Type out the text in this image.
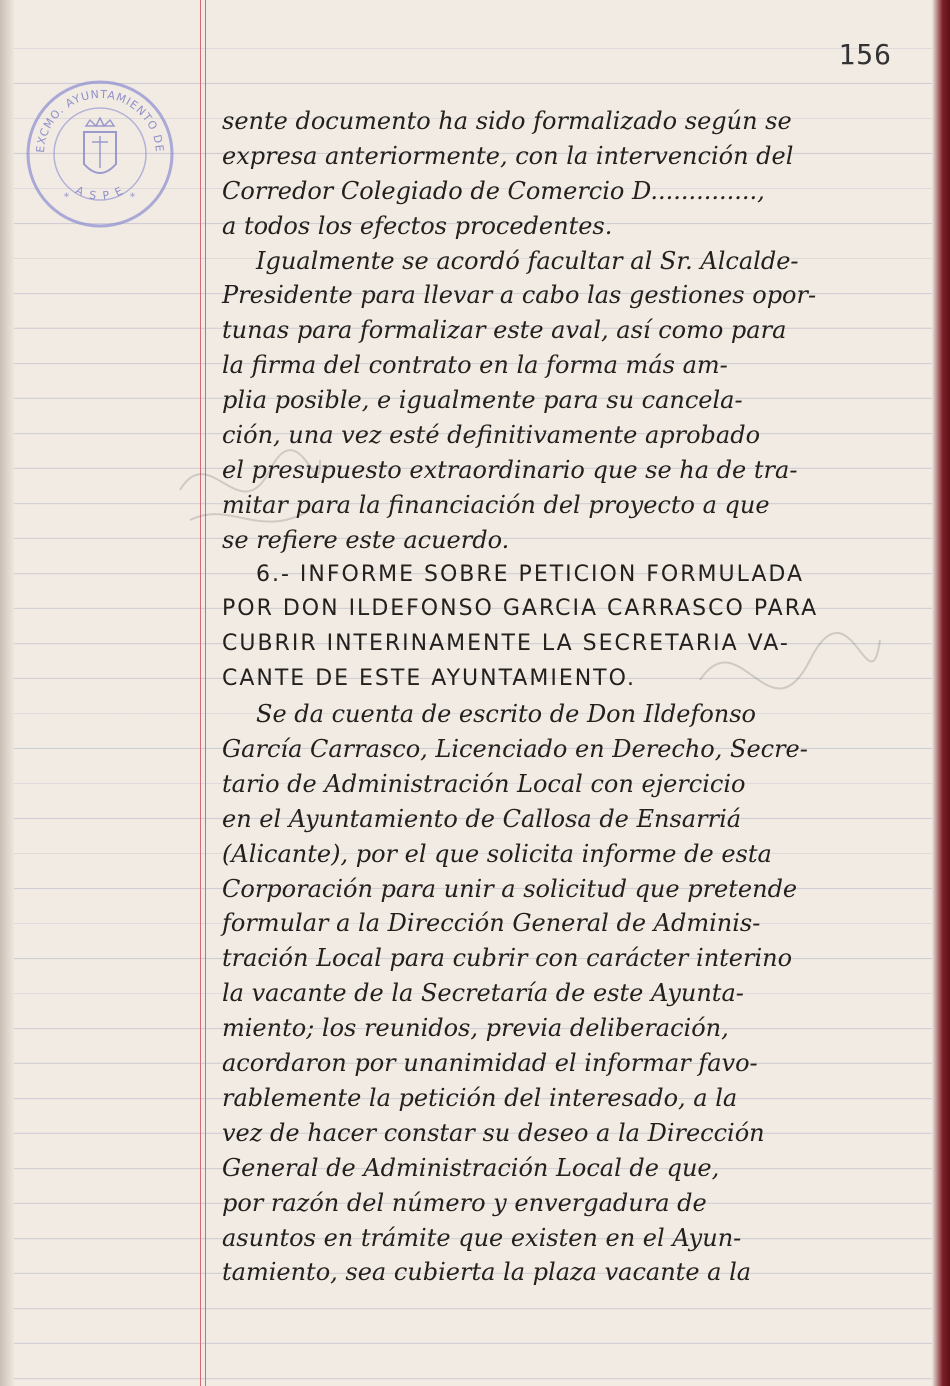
156
EXCMO. AYUNTAMIENTO DE
A S P E
*	*
sente documento ha sido formalizado según se
expresa anteriormente, con la intervención del
Corredor Colegiado de Comercio D..............,
a todos los efectos procedentes.
Igualmente se acordó facultar al Sr. Alcalde-
Presidente para llevar a cabo las gestiones opor-
tunas para formalizar este aval, así como para
la firma del contrato en la forma más am-
plia posible, e igualmente para su cancela-
ción, una vez esté definitivamente aprobado
el presupuesto extraordinario que se ha de tra-
mitar para la financiación del proyecto a que
se refiere este acuerdo.
6.- INFORME SOBRE PETICION FORMULADA
POR DON ILDEFONSO GARCIA CARRASCO PARA
CUBRIR INTERINAMENTE LA SECRETARIA VA-
CANTE DE ESTE AYUNTAMIENTO.
Se da cuenta de escrito de Don Ildefonso
García Carrasco, Licenciado en Derecho, Secre-
tario de Administración Local con ejercicio
en el Ayuntamiento de Callosa de Ensarriá
(Alicante), por el que solicita informe de esta
Corporación para unir a solicitud que pretende
formular a la Dirección General de Adminis-
tración Local para cubrir con carácter interino
la vacante de la Secretaría de este Ayunta-
miento; los reunidos, previa deliberación,
acordaron por unanimidad el informar favo-
rablemente la petición del interesado, a la
vez de hacer constar su deseo a la Dirección
General de Administración Local de que,
por razón del número y envergadura de
asuntos en trámite que existen en el Ayun-
tamiento, sea cubierta la plaza vacante a la
